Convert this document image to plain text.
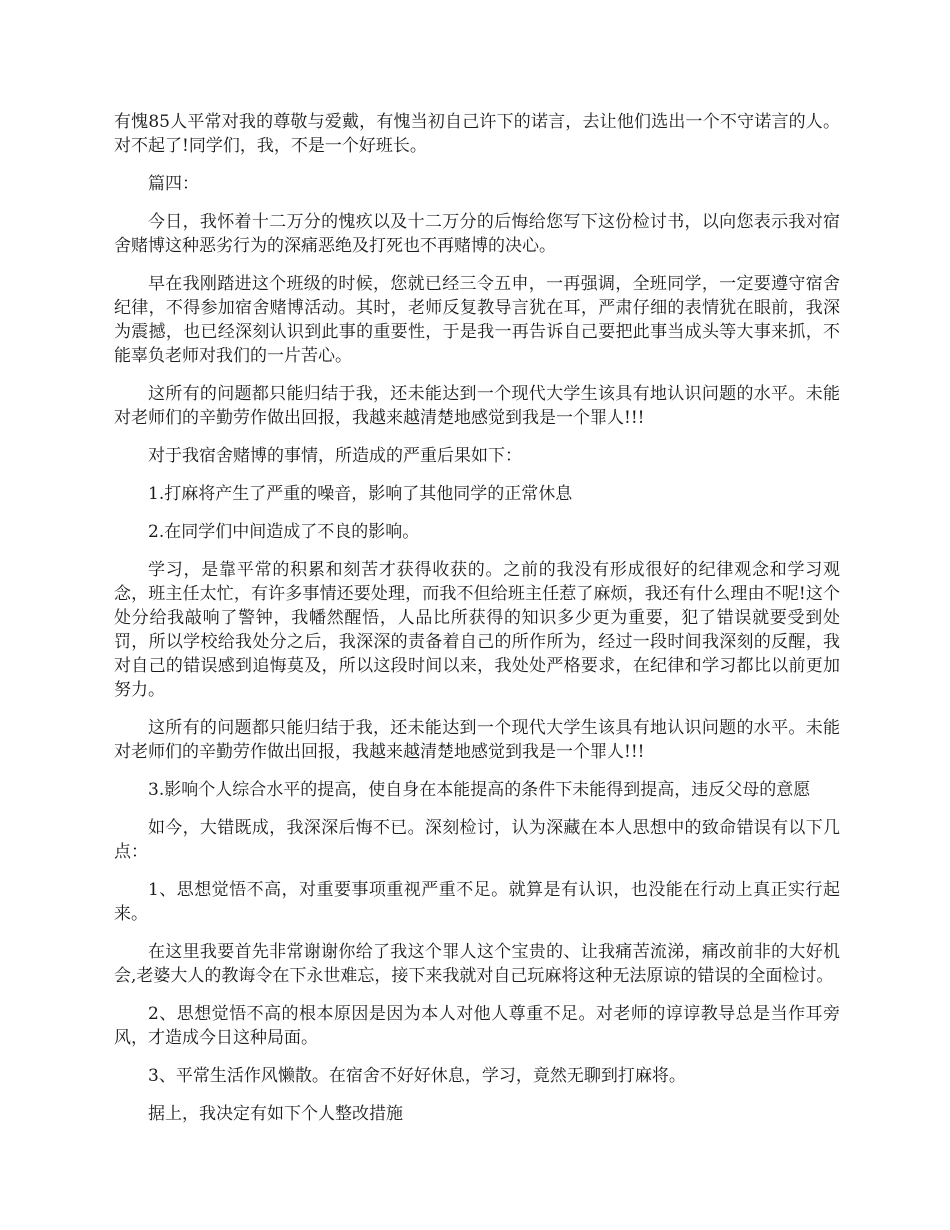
有愧85人平常对我的尊敬与爱戴，有愧当初自己许下的诺言，去让他们选出一个不守诺言的人。对不起了!同学们，我，不是一个好班长。

篇四：

今日，我怀着十二万分的愧疚以及十二万分的后悔给您写下这份检讨书，以向您表示我对宿舍赌博这种恶劣行为的深痛恶绝及打死也不再赌博的决心。

早在我刚踏进这个班级的时候，您就已经三令五申，一再强调，全班同学，一定要遵守宿舍纪律，不得参加宿舍赌博活动。其时，老师反复教导言犹在耳，严肃仔细的表情犹在眼前，我深为震撼，也已经深刻认识到此事的重要性，于是我一再告诉自己要把此事当成头等大事来抓，不能辜负老师对我们的一片苦心。

这所有的问题都只能归结于我，还未能达到一个现代大学生该具有地认识问题的水平。未能对老师们的辛勤劳作做出回报，我越来越清楚地感觉到我是一个罪人!!!

对于我宿舍赌博的事情，所造成的严重后果如下：

1.打麻将产生了严重的噪音，影响了其他同学的正常休息

2.在同学们中间造成了不良的影响。

学习，是靠平常的积累和刻苦才获得收获的。之前的我没有形成很好的纪律观念和学习观念，班主任太忙，有许多事情还要处理，而我不但给班主任惹了麻烦，我还有什么理由不呢!这个处分给我敲响了警钟，我幡然醒悟，人品比所获得的知识多少更为重要，犯了错误就要受到处罚，所以学校给我处分之后，我深深的责备着自己的所作所为，经过一段时间我深刻的反醒，我对自己的错误感到追悔莫及，所以这段时间以来，我处处严格要求，在纪律和学习都比以前更加努力。

这所有的问题都只能归结于我，还未能达到一个现代大学生该具有地认识问题的水平。未能对老师们的辛勤劳作做出回报，我越来越清楚地感觉到我是一个罪人!!!

3.影响个人综合水平的提高，使自身在本能提高的条件下未能得到提高，违反父母的意愿

如今，大错既成，我深深后悔不已。深刻检讨，认为深藏在本人思想中的致命错误有以下几点：

1、思想觉悟不高，对重要事项重视严重不足。就算是有认识，也没能在行动上真正实行起来。

在这里我要首先非常谢谢你给了我这个罪人这个宝贵的、让我痛苦流涕，痛改前非的大好机会,老婆大人的教诲令在下永世难忘，接下来我就对自己玩麻将这种无法原谅的错误的全面检讨。

2、思想觉悟不高的根本原因是因为本人对他人尊重不足。对老师的谆谆教导总是当作耳旁风，才造成今日这种局面。

3、平常生活作风懒散。在宿舍不好好休息，学习，竟然无聊到打麻将。

据上，我决定有如下个人整改措施
